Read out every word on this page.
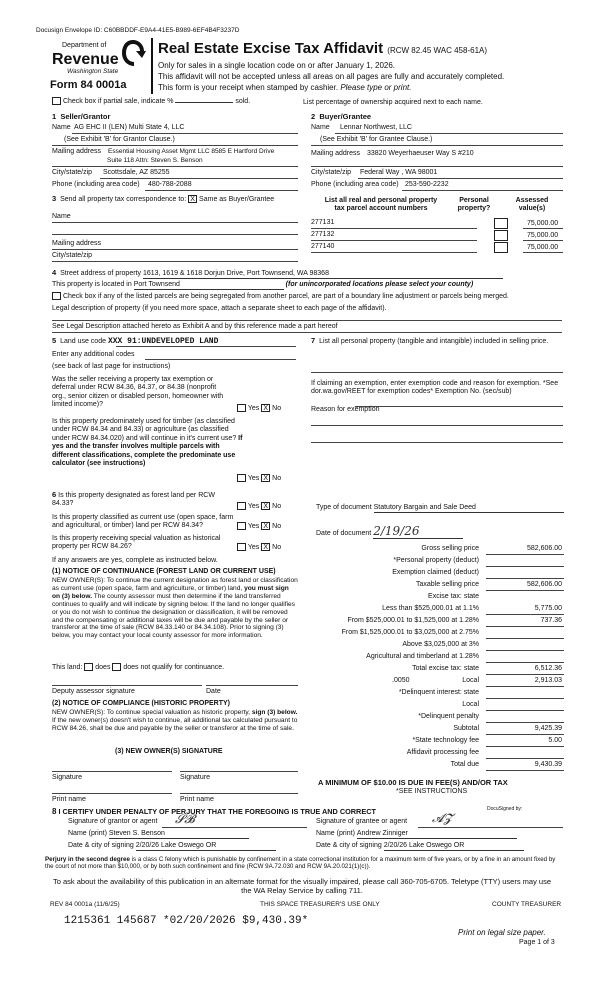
Docusign Envelope ID: C60BBDDF-E9A4-41E5-B989-6EF4B4F3237D
Department of
Revenue
Washington State
Form 84 0001a
Real Estate Excise Tax Affidavit (RCW 82.45 WAC 458-61A)
Only for sales in a single location code on or after January 1, 2026.
This affidavit will not be accepted unless all areas on all pages are fully and accurately completed.
This form is your receipt when stamped by cashier. Please type or print.
Check box if partial sale, indicate %	sold.	List percentage of ownership acquired next to each name.
1 Seller/Grantor
Name AG EHC II (LEN) Multi State 4, LLC
(See Exhibit 'B' for Grantor Clause.)
Mailing address Essential Housing Asset Mgmt LLC 8585 E Hartford Drive
Suite 118 Attn: Steven S. Benson
City/state/zip Scottsdale, AZ 85255
Phone (including area code) 480-788-2088
2 Buyer/Grantee
Name Lennar Northwest, LLC
(See Exhibit 'B' for Grantee Clause.)
Mailing address 33820 Weyerhaeuser Way S #210
City/state/zip Federal Way , WA 98001
Phone (including area code) 253-590-2232
3 Send all property tax correspondence to: X Same as Buyer/Grantee
Name
Mailing address
City/state/zip
List all real and personal property
tax parcel account numbers
Personal
property?
Assessed
value(s)
277131	75,000.00
277132	75,000.00
277140	75,000.00
4 Street address of property 1613, 1619 & 1618 Dorjun Drive, Port Townsend, WA 98368
This property is located in Port Townsend	(for unincorporated locations please select your county)
Check box if any of the listed parcels are being segregated from another parcel, are part of a boundary line adjustment or parcels being merged.
Legal description of property (if you need more space, attach a separate sheet to each page of the affidavit).
See Legal Description attached hereto as Exhibit A and by this reference made a part hereof
5 Land use code XXX 91:UNDEVELOPED LAND
Enter any additional codes
(see back of last page for instructions)
Was the seller receiving a property tax exemption or deferral under RCW 84.36, 84.37, or 84.38 (nonprofit org., senior citizen or disabled person, homeowner with limited income)?
Yes X No
Is this property predominately used for timber (as classified under RCW 84.34 and 84.33) or agriculture (as classified under RCW 84.34.020) and will continue in it's current use? If yes and the transfer involves multiple parcels with different classifications, complete the predominate use calculator (see instructions)
Yes X No
7 List all personal property (tangible and intangible) included in selling price.
If claiming an exemption, enter exemption code and reason for exemption. *See dor.wa.gov/REET for exemption codes* Exemption No. (sec/sub)
Reason for exemption
6 Is this property designated as forest land per RCW 84.33?	Yes X No
Is this property classified as current use (open space, farm and agricultural, or timber) land per RCW 84.34?	Yes X No
Is this property receiving special valuation as historical property per RCW 84.26?	Yes X No
If any answers are yes, complete as instructed below.
(1) NOTICE OF CONTINUANCE (FOREST LAND OR CURRENT USE)
NEW OWNER(S): To continue the current designation as forest land or classification as current use (open space, farm and agriculture, or timber) land, you must sign on (3) below. The county assessor must then determine if the land transferred continues to qualify and will indicate by signing below. If the land no longer qualifies or you do not wish to continue the designation or classification, it will be removed and the compensating or additional taxes will be due and payable by the seller or transferor at the time of sale (RCW 84.33.140 or 84.34.108). Prior to signing (3) below, you may contact your local county assessor for more information.
This land: does does not qualify for continuance.
Deputy assessor signature	Date
(2) NOTICE OF COMPLIANCE (HISTORIC PROPERTY)
NEW OWNER(S): To continue special valuation as historic property, sign (3) below. If the new owner(s) doesn't wish to continue, all additional tax calculated pursuant to RCW 84.26, shall be due and payable by the seller or transferor at the time of sale.
(3) NEW OWNER(S) SIGNATURE
Signature	Signature
Print name	Print name
Type of document Statutory Bargain and Sale Deed
Date of document 2/19/26
Gross selling price	582,606.00
*Personal property (deduct)
Exemption claimed (deduct)
Taxable selling price	582,606.00
Excise tax: state
Less than $525,000.01 at 1.1%	5,775.00
From $525,000.01 to $1,525,000 at 1.28%	737.36
From $1,525,000.01 to $3,025,000 at 2.75%
Above $3,025,000 at 3%
Agricultural and timberland at 1.28%
Total excise tax: state	6,512.36
.0050	Local	2,913.03
*Delinquent interest: state
Local
*Delinquent penalty
Subtotal	9,425.39
*State technology fee	5.00
Affidavit processing fee
Total due	9,430.39
A MINIMUM OF $10.00 IS DUE IN FEE(S) AND/OR TAX
*SEE INSTRUCTIONS
8 I CERTIFY UNDER PENALTY OF PERJURY THAT THE FOREGOING IS TRUE AND CORRECT	DocuSigned by:
Signature of grantor or agent 𝓢𝓑	Signature of grantee or agent 𝓐𝓩
Name (print) Steven S. Benson	Name (print) Andrew Zinniger
Date & city of signing 2/20/26 Lake Oswego OR	Date & city of signing 2/20/26 Lake Oswego OR
Perjury in the second degree is a class C felony which is punishable by confinement in a state correctional institution for a maximum term of five years, or by a fine in an amount fixed by the court of not more than $10,000, or by both such confinement and fine (RCW 9A.72.030 and RCW 9A.20.021(1)(c)).
To ask about the availability of this publication in an alternate format for the visually impaired, please call 360-705-6705. Teletype (TTY) users may use the WA Relay Service by calling 711.
REV 84 0001a (11/6/25)	THIS SPACE TREASURER'S USE ONLY	COUNTY TREASURER
1215361 145687 *02/20/2026 $9,430.39*
Print on legal size paper.
Page 1 of 3
